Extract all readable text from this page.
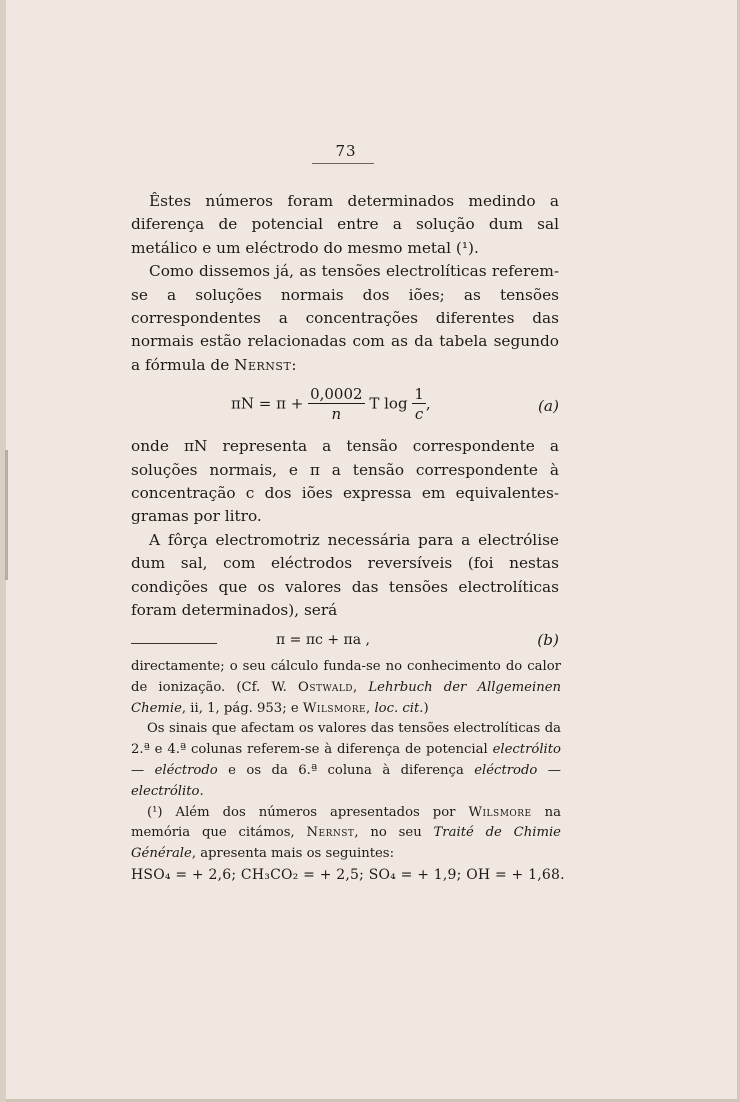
73

Êstes números foram determinados medindo a diferença de potencial entre a solução dum sal metálico e um eléctrodo do mesmo metal (¹).

Como dissemos já, as tensões electrolíticas referem-se a soluções normais dos iões; as tensões correspondentes a concentrações diferentes das normais estão relacionadas com as da tabela segundo a fórmula de Nernst:

$\pi N = \pi + \frac{0,0002}{n}$ T $\log \frac{1}{c}$ ,	(a)

onde πN representa a tensão correspondente a soluções normais, e π a tensão correspondente à concentração c dos iões expressa em equivalentes-gramas por litro.

A fôrça electromotriz necessária para a electrólise dum sal, com eléctrodos reversíveis (foi nestas condições que os valores das tensões electrolíticas foram determinados), será

π = πc + πa ,	(b)

directamente; o seu cálculo funda-se no conhecimento do calor de ionização. (Cf. W. Ostwald, Lehrbuch der Allgemeinen Chemie, ii, 1, pág. 953; e Wilsmore, loc. cit.)

Os sinais que afectam os valores das tensões electrolíticas da 2.ª e 4.ª colunas referem-se à diferença de potencial electrólito — eléctrodo e os da 6.ª coluna à diferença eléctrodo — electrólito.

(¹) Além dos números apresentados por Wilsmore na memória que citámos, Nernst, no seu Traité de Chimie Générale, apresenta mais os seguintes:

HSO₄ = + 2,6; CH₃CO₂ = + 2,5; SO₄ = + 1,9; OH = + 1,68.
